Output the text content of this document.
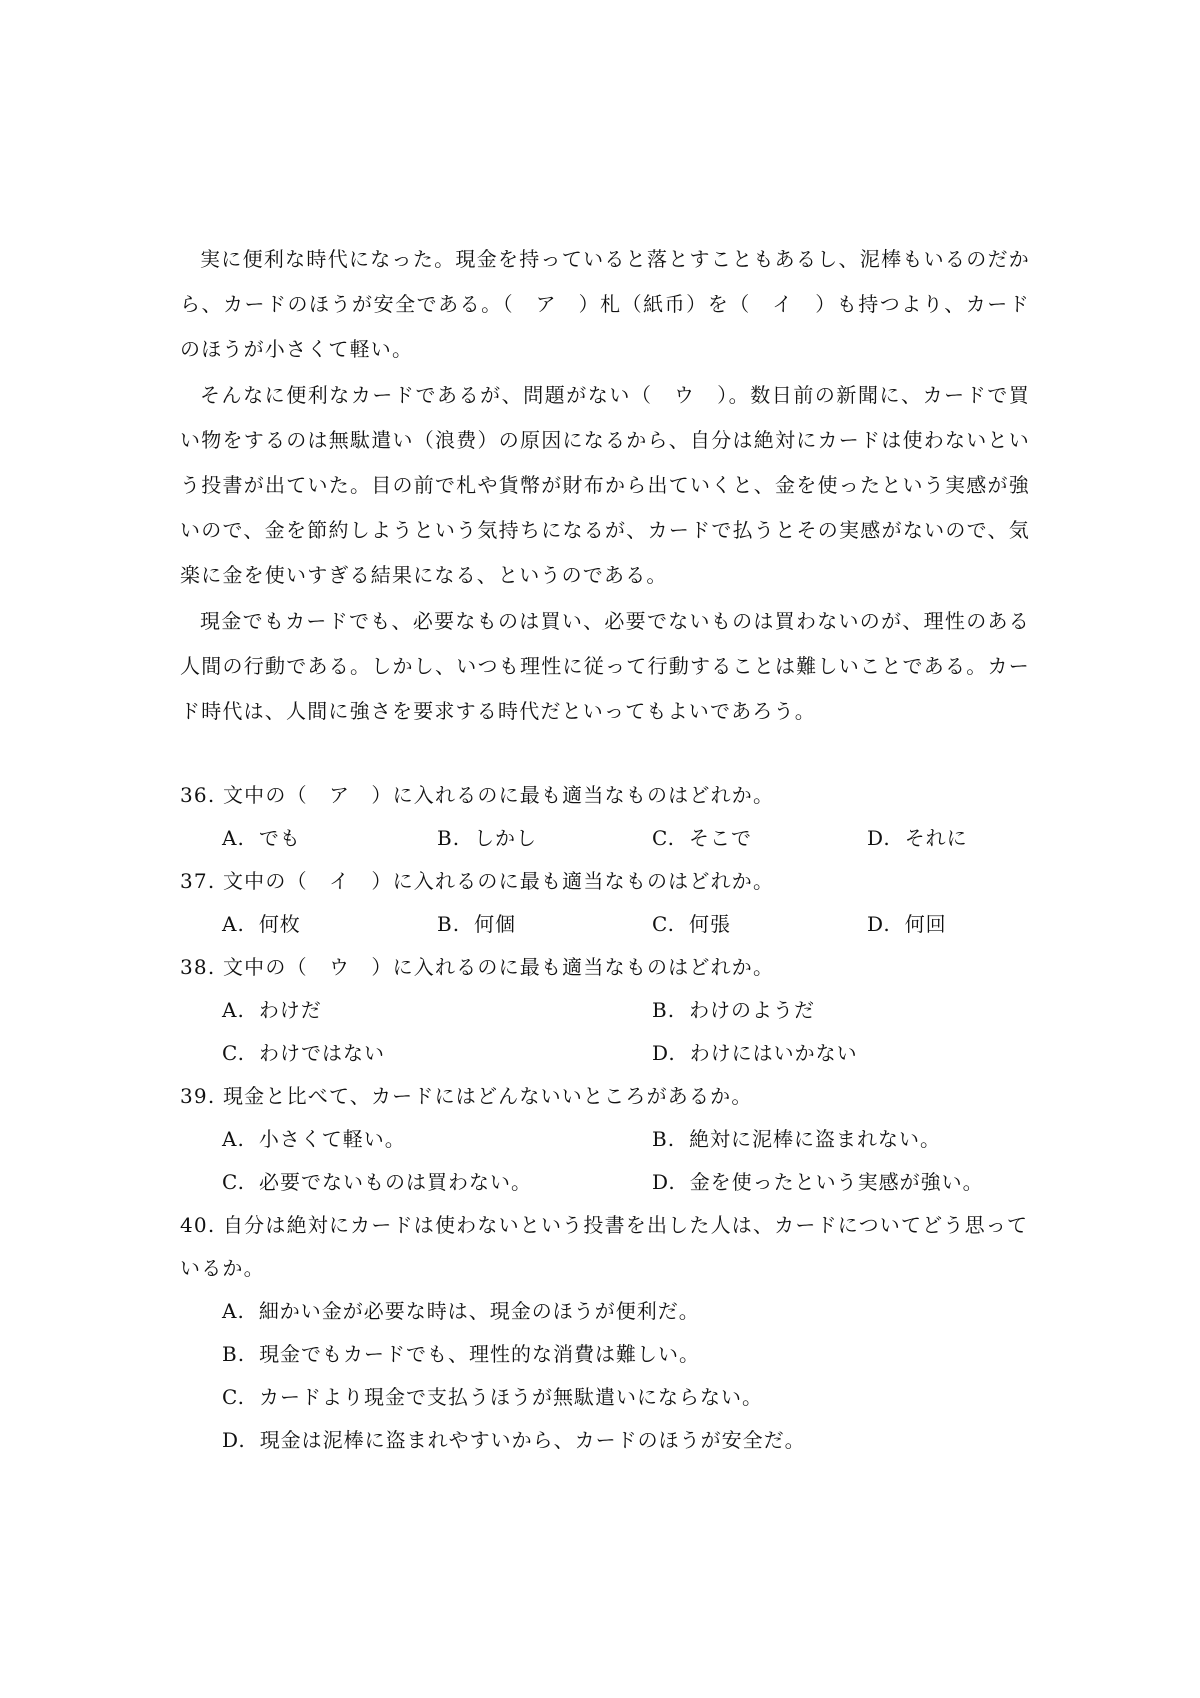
実に便利な時代になった。現金を持っていると落とすこともあるし、泥棒もいるのだから、カードのほうが安全である。（　ア　）札（紙币）を（　イ　）も持つより、カードのほうが小さくて軽い。

そんなに便利なカードであるが、問題がない（　ウ　）。数日前の新聞に、カードで買い物をするのは無駄遣い（浪费）の原因になるから、自分は絶対にカードは使わないという投書が出ていた。目の前で札や貨幣が財布から出ていくと、金を使ったという実感が強いので、金を節約しようという気持ちになるが、カードで払うとその実感がないので、気楽に金を使いすぎる結果になる、というのである。

現金でもカードでも、必要なものは買い、必要でないものは買わないのが、理性のある人間の行動である。しかし、いつも理性に従って行動することは難しいことである。カード時代は、人間に強さを要求する時代だといってもよいであろう。

36. 文中の（　ア　）に入れるのに最も適当なものはどれか。

A. でも	B. しかし	C. そこで	D. それに

37. 文中の（　イ　）に入れるのに最も適当なものはどれか。

A. 何枚	B. 何個	C. 何張	D. 何回

38. 文中の（　ウ　）に入れるのに最も適当なものはどれか。

A. わけだ	B. わけのようだ
C. わけではない	D. わけにはいかない

39. 現金と比べて、カードにはどんないいところがあるか。

A. 小さくて軽い。	B. 絶対に泥棒に盗まれない。
C. 必要でないものは買わない。	D. 金を使ったという実感が強い。

40. 自分は絶対にカードは使わないという投書を出した人は、カードについてどう思っているか。

A. 細かい金が必要な時は、現金のほうが便利だ。
B. 現金でもカードでも、理性的な消費は難しい。
C. カードより現金で支払うほうが無駄遣いにならない。
D. 現金は泥棒に盗まれやすいから、カードのほうが安全だ。
